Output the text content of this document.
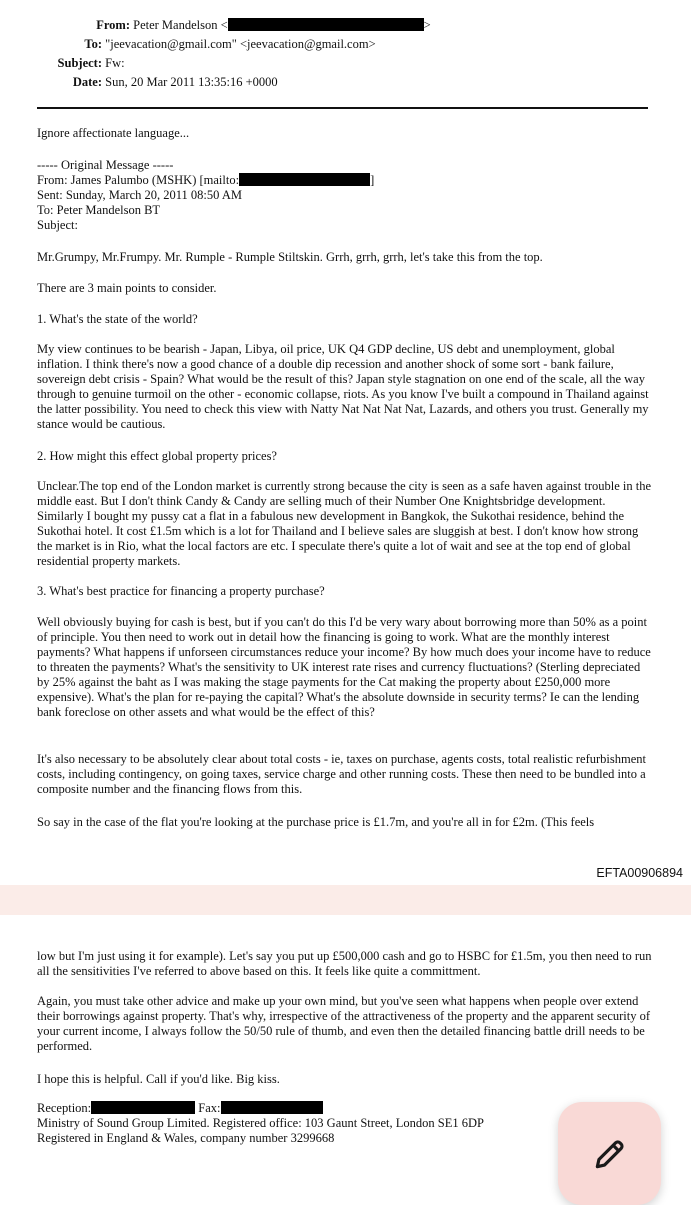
From: Peter Mandelson <	>
To: "jeevacation@gmail.com" <jeevacation@gmail.com>
Subject: Fw:
Date: Sun, 20 Mar 2011 13:35:16 +0000

Ignore affectionate language...

----- Original Message -----

From: James Palumbo (MSHK) [mailto:	]

Sent: Sunday, March 20, 2011 08:50 AM

To: Peter Mandelson BT

Subject:

Mr.Grumpy, Mr.Frumpy. Mr. Rumple - Rumple Stiltskin. Grrh, grrh, grrh, let's take this from the top.

There are 3 main points to consider.

1. What's the state of the world?

My view continues to be bearish - Japan, Libya, oil price, UK Q4 GDP decline, US debt and unemployment, global inflation. I think there's now a good chance of a double dip recession and another shock of some sort - bank failure, sovereign debt crisis - Spain? What would be the result of this? Japan style stagnation on one end of the scale, all the way through to genuine turmoil on the other - economic collapse, riots. As you know I've built a compound in Thailand against the latter possibility. You need to check this view with Natty Nat Nat Nat Nat, Lazards, and others you trust. Generally my stance would be cautious.

2. How might this effect global property prices?

Unclear.The top end of the London market is currently strong because the city is seen as a safe haven against trouble in the middle east. But I don't think Candy & Candy are selling much of their Number One Knightsbridge development. Similarly I bought my pussy cat a flat in a fabulous new development in Bangkok, the Sukothai residence, behind the Sukothai hotel. It cost £1.5m which is a lot for Thailand and I believe sales are sluggish at best. I don't know how strong the market is in Rio, what the local factors are etc. I speculate there's quite a lot of wait and see at the top end of global residential property markets.

3. What's best practice for financing a property purchase?

Well obviously buying for cash is best, but if you can't do this I'd be very wary about borrowing more than 50% as a point of principle. You then need to work out in detail how the financing is going to work. What are the monthly interest payments? What happens if unforseen circumstances reduce your income? By how much does your income have to reduce to threaten the payments? What's the sensitivity to UK interest rate rises and currency fluctuations? (Sterling depreciated by 25% against the baht as I was making the stage payments for the Cat making the property about £250,000 more expensive). What's the plan for re-paying the capital? What's the absolute downside in security terms? Ie can the lending bank foreclose on other assets and what would be the effect of this?

It's also necessary to be absolutely clear about total costs - ie, taxes on purchase, agents costs, total realistic refurbishment costs, including contingency, on going taxes, service charge and other running costs. These then need to be bundled into a composite number and the financing flows from this.

So say in the case of the flat you're looking at the purchase price is £1.7m, and you're all in for £2m. (This feels

EFTA00906894

low but I'm just using it for example). Let's say you put up £500,000 cash and go to HSBC for £1.5m, you then need to run all the sensitivities I've referred to above based on this. It feels like quite a committment.

Again, you must take other advice and make up your own mind, but you've seen what happens when people over extend their borrowings against property. That's why, irrespective of the attractiveness of the property and the apparent security of your current income, I always follow the 50/50 rule of thumb, and even then the detailed financing battle drill needs to be performed.

I hope this is helpful. Call if you'd like. Big kiss.

Reception:	Fax:

Ministry of Sound Group Limited. Registered office: 103 Gaunt Street, London SE1 6DP

Registered in England & Wales, company number 3299668
